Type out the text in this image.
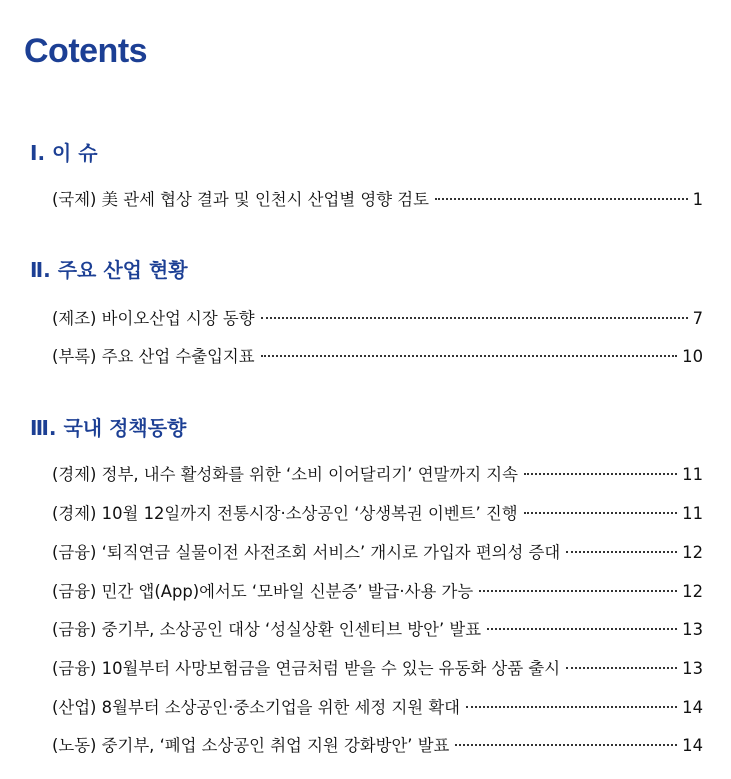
Cotents
Ⅰ. 이 슈
(국제) 美 관세 협상 결과 및 인천시 산업별 영향 검토	1
Ⅱ. 주요 산업 현황
(제조) 바이오산업 시장 동향	7
(부록) 주요 산업 수출입지표	10
Ⅲ. 국내 정책동향
(경제) 정부, 내수 활성화를 위한 ‘소비 이어달리기’ 연말까지 지속	11
(경제) 10월 12일까지 전통시장·소상공인 ‘상생복권 이벤트’ 진행	11
(금융) ‘퇴직연금 실물이전 사전조회 서비스’ 개시로 가입자 편의성 증대	12
(금융) 민간 앱(App)에서도 ‘모바일 신분증’ 발급·사용 가능	12
(금융) 중기부, 소상공인 대상 ‘성실상환 인센티브 방안’ 발표	13
(금융) 10월부터 사망보험금을 연금처럼 받을 수 있는 유동화 상품 출시	13
(산업) 8월부터 소상공인·중소기업을 위한 세정 지원 확대	14
(노동) 중기부, ‘폐업 소상공인 취업 지원 강화방안’ 발표	14
